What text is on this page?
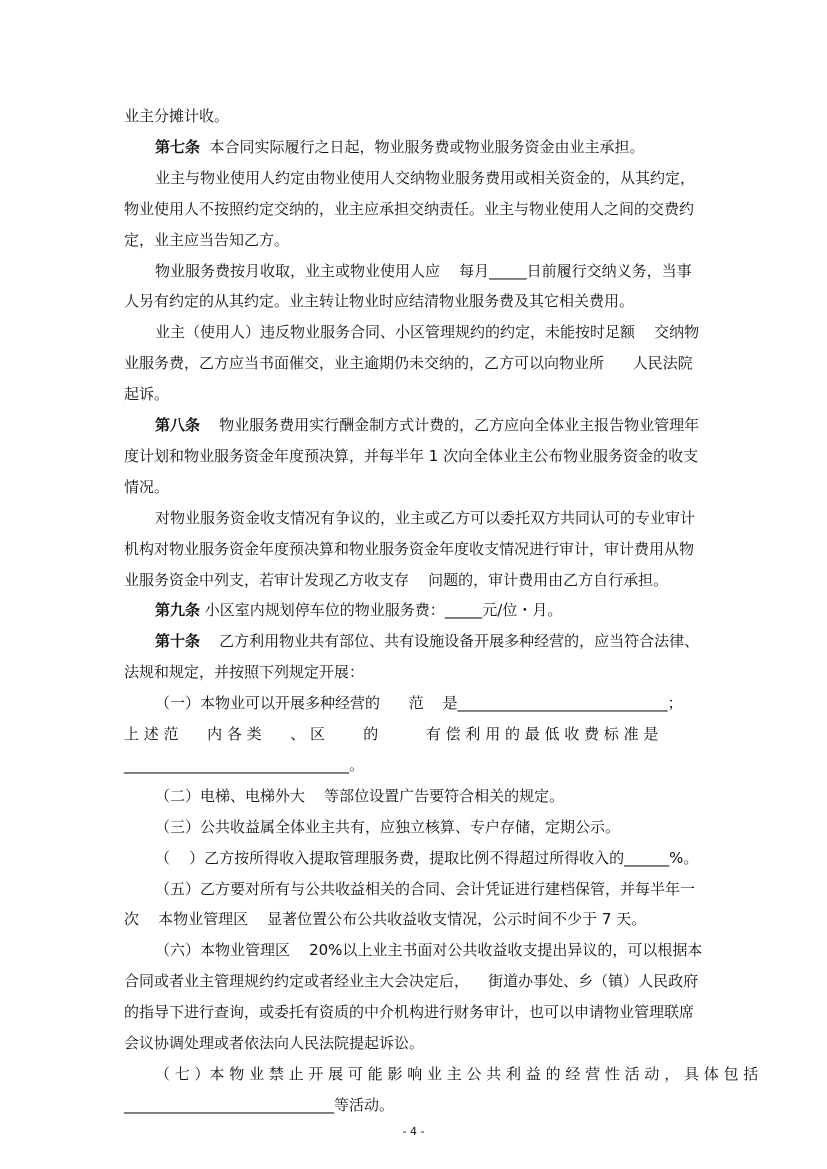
业主分摊计收。
第七条  本合同实际履行之日起，物业服务费或物业服务资金由业主承担。
业主与物业使用人约定由物业使用人交纳物业服务费用或相关资金的，从其约定，
物业使用人不按照约定交纳的，业主应承担交纳责任。业主与物业使用人之间的交费约
定，业主应当告知乙方。
物业服务费按月收取，业主或物业使用人应    每月_____日前履行交纳义务，当事
人另有约定的从其约定。业主转让物业时应结清物业服务费及其它相关费用。
业主（使用人）违反物业服务合同、小区管理规约的约定，未能按时足额    交纳物
业服务费，乙方应当书面催交，业主逾期仍未交纳的，乙方可以向物业所      人民法院
起诉。
第八条    物业服务费用实行酬金制方式计费的，乙方应向全体业主报告物业管理年
度计划和物业服务资金年度预决算，并每半年 1 次向全体业主公布物业服务资金的收支
情况。
对物业服务资金收支情况有争议的，业主或乙方可以委托双方共同认可的专业审计
机构对物业服务资金年度预决算和物业服务资金年度收支情况进行审计，审计费用从物
业服务资金中列支，若审计发现乙方收支存    问题的，审计费用由乙方自行承担。
第九条 小区室内规划停车位的物业服务费：_____元/位・月。
第十条    乙方利用物业共有部位、共有设施设备开展多种经营的，应当符合法律、
法规和规定，并按照下列规定开展：
（一）本物业可以开展多种经营的      范    是____________________________；
上 述 范      内 各 类      、 区        的          有 偿 利 用 的 最 低 收 费 标 准 是
______________________________。
（二）电梯、电梯外大    等部位设置广告要符合相关的规定。
（三）公共收益属全体业主共有，应独立核算、专户存储，定期公示。
（    ）乙方按所得收入提取管理服务费，提取比例不得超过所得收入的______%。
（五）乙方要对所有与公共收益相关的合同、会计凭证进行建档保管，并每半年一
次    本物业管理区    显著位置公布公共收益收支情况，公示时间不少于 7 天。
（六）本物业管理区    20%以上业主书面对公共收益收支提出异议的，可以根据本
合同或者业主管理规约约定或者经业主大会决定后，    街道办事处、乡（镇）人民政府
的指导下进行查询，或委托有资质的中介机构进行财务审计，也可以申请物业管理联席
会议协调处理或者依法向人民法院提起诉讼。
（ 七 ）本 物 业 禁 止 开 展 可 能 影 响 业 主 公 共 利 益 的 经 营 性 活 动 ， 具 体 包 括
____________________________等活动。
- 4 -
